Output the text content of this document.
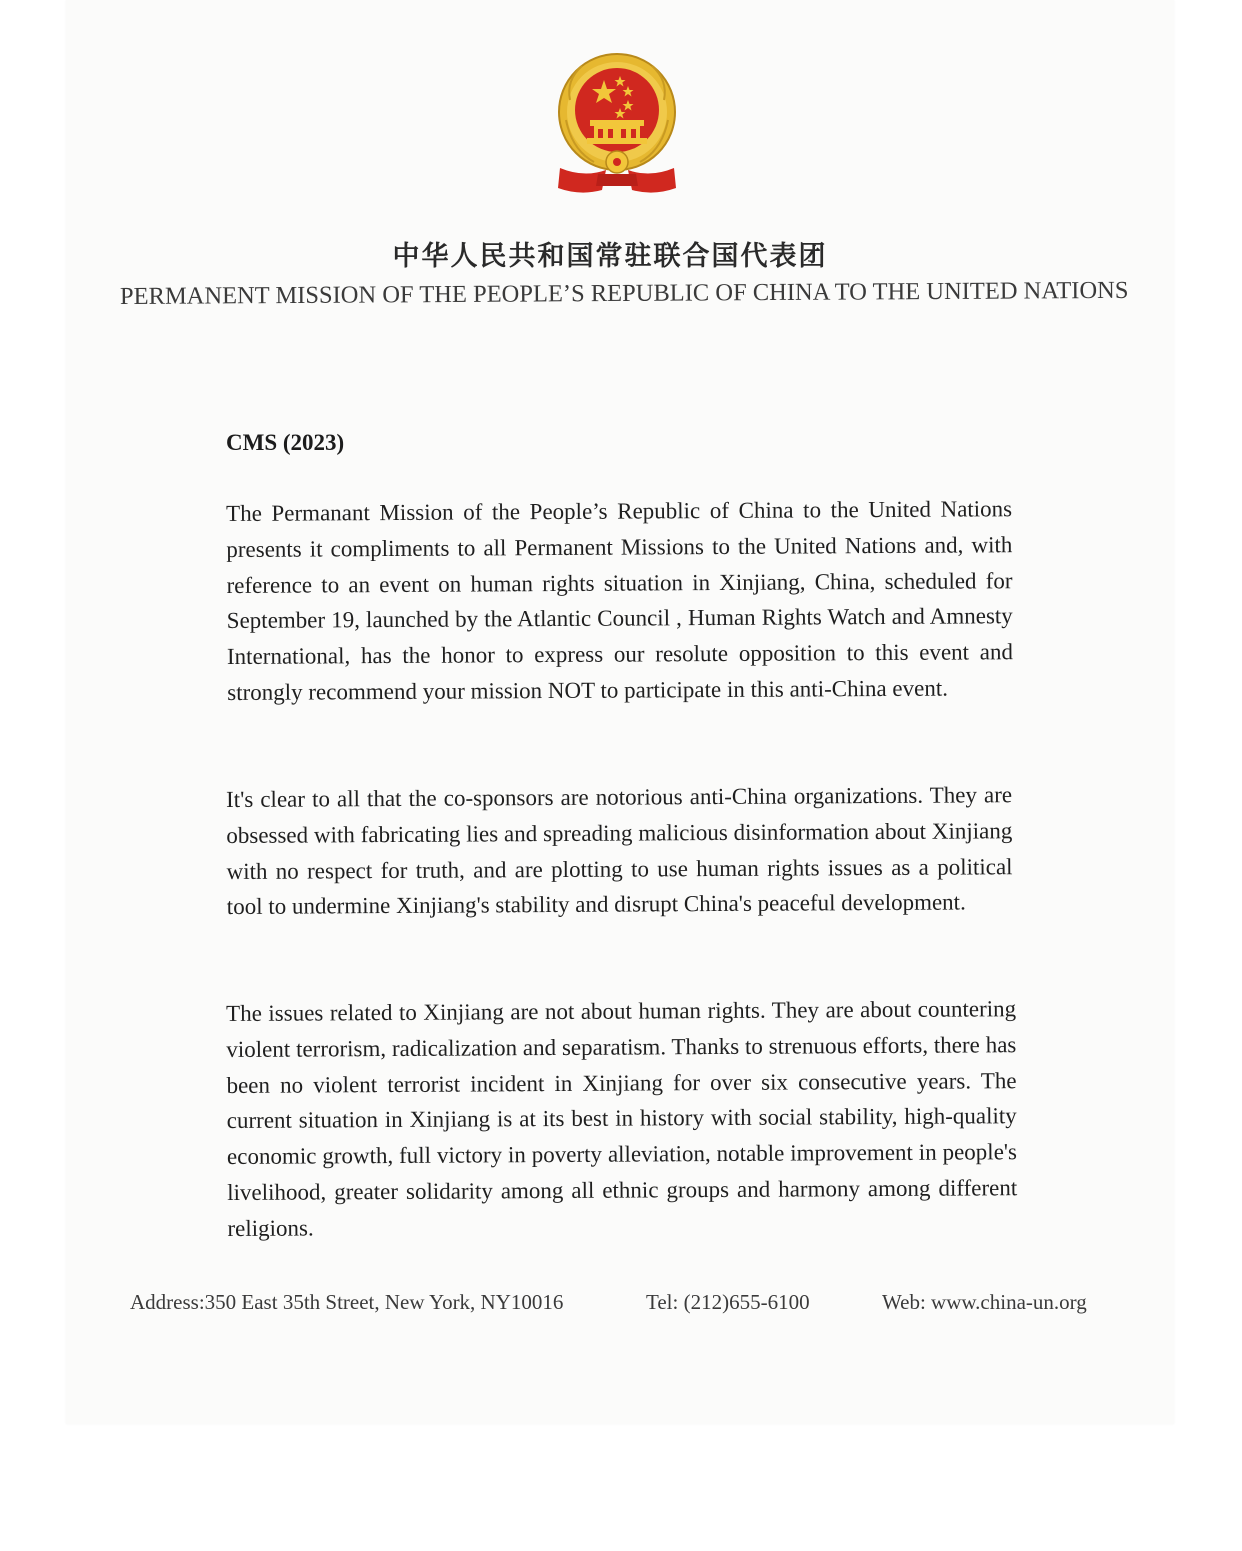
中华人民共和国常驻联合国代表团
PERMANENT MISSION OF THE PEOPLE’S REPUBLIC OF CHINA TO THE UNITED NATIONS
CMS (2023)
The Permanant Mission of the People’s Republic of China to the United Nations presents it compliments to all Permanent Missions to the United Nations and, with reference to an event on human rights situation in Xinjiang, China, scheduled for September 19, launched by the Atlantic Council , Human Rights Watch and Amnesty International, has the honor to express our resolute opposition to this event and strongly recommend your mission NOT to participate in this anti-China event.
It's clear to all that the co-sponsors are notorious anti-China organizations. They are obsessed with fabricating lies and spreading malicious disinformation about Xinjiang with no respect for truth, and are plotting to use human rights issues as a political tool to undermine Xinjiang's stability and disrupt China's peaceful development.
The issues related to Xinjiang are not about human rights. They are about countering violent terrorism, radicalization and separatism. Thanks to strenuous efforts, there has been no violent terrorist incident in Xinjiang for over six consecutive years. The current situation in Xinjiang is at its best in history with social stability, high-quality economic growth, full victory in poverty alleviation, notable improvement in people's livelihood, greater solidarity among all ethnic groups and harmony among different religions.
Address:350 East 35th Street, New York, NY10016	Tel: (212)655-6100	Web: www.china-un.org
